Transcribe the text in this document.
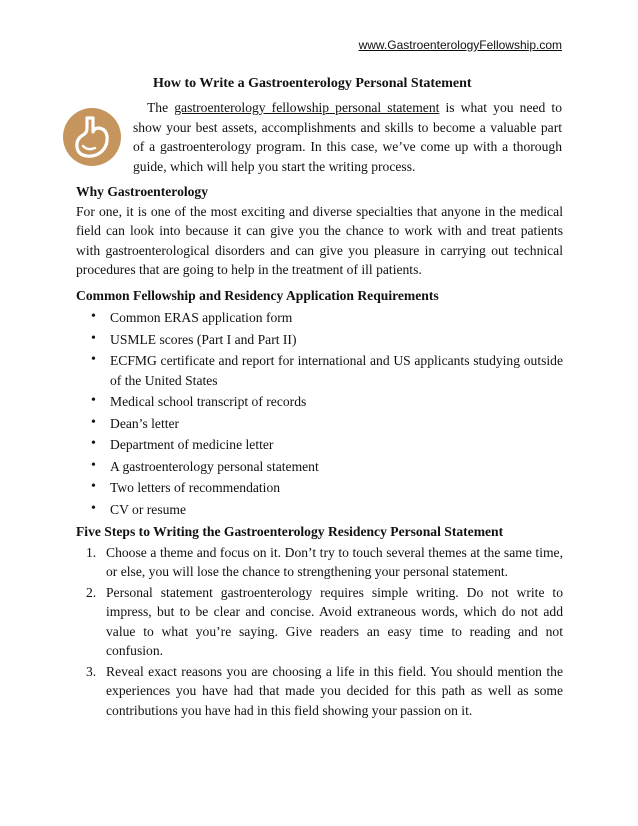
www.GastroenterologyFellowship.com
How to Write a Gastroenterology Personal Statement
The gastroenterology fellowship personal statement is what you need to show your best assets, accomplishments and skills to become a valuable part of a gastroenterology program. In this case, we’ve come up with a thorough guide, which will help you start the writing process.
Why Gastroenterology

For one, it is one of the most exciting and diverse specialties that anyone in the medical field can look into because it can give you the chance to work with and treat patients with gastroenterological disorders and can give you pleasure in carrying out technical procedures that are going to help in the treatment of ill patients.

Common Fellowship and Residency Application Requirements
• Common ERAS application form
• USMLE scores (Part I and Part II)
• ECFMG certificate and report for international and US applicants studying outside of the United States
• Medical school transcript of records
• Dean’s letter
• Department of medicine letter
• A gastroenterology personal statement
• Two letters of recommendation
• CV or resume
Five Steps to Writing the Gastroenterology Residency Personal Statement
1. Choose a theme and focus on it. Don’t try to touch several themes at the same time, or else, you will lose the chance to strengthening your personal statement.
2. Personal statement gastroenterology requires simple writing. Do not write to impress, but to be clear and concise. Avoid extraneous words, which do not add value to what you’re saying. Give readers an easy time to reading and not confusion.
3. Reveal exact reasons you are choosing a life in this field. You should mention the experiences you have had that made you decided for this path as well as some contributions you have had in this field showing your passion on it.
